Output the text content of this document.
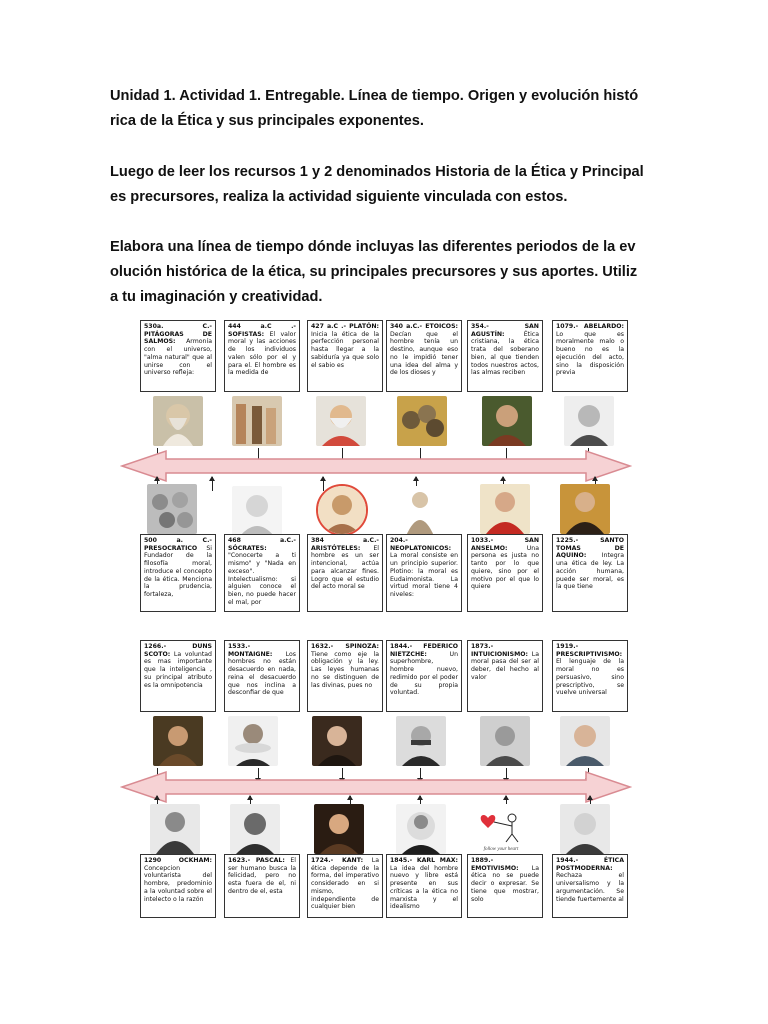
Unidad 1. Actividad 1. Entregable. Línea de tiempo. Origen y evolución histó
rica de la Ética y sus principales exponentes.
Luego de leer los recursos 1 y 2 denominados Historia de la Ética y Principal
es precursores, realiza la actividad siguiente vinculada con estos.
Elabora una línea de tiempo dónde incluyas las diferentes periodos de la ev
olución histórica de la ética, su principales precursores y sus aportes. Utiliz
a tu imaginación y creatividad.
530a. C.- PITÁGORAS DE SALMOS: Armonía con el universo, "alma natural" que al unirse con el universo refleja:
444 a.C .- SOFISTAS: El valor moral y las acciones de los individuos valen sólo por el y para el. El hombre es la medida de
427 a.C .- PLATÓN: Inicia la ética de la perfección personal hasta llegar a la sabiduría ya que solo el sabio es
340 a.C.- ETOICOS: Decían que el hombre tenía un destino, aunque eso no le impidió tener una idea del alma y de los dioses y
354.- SAN AGUSTÍN:	Ética cristiana, la ética trata del soberano bien, al que tienden todos nuestros actos, las almas reciben
1079.- ABELARDO: Lo que es moralmente malo o bueno no es la ejecución del acto, sino la disposición previa
500 a. C.- PRESOCRATICO Si Fundador de la filosofía moral, introduce el concepto de la ética. Menciona la prudencia, fortaleza,
468 a.C.- SÓCRATES: "Conocerte a ti mismo" y "Nada en exceso". Intelectualismo: si alguien conoce el bien, no puede hacer el mal, por
384 a.C.- ARISTÓTELES: El hombre es un ser intencional, actúa para alcanzar fines. Logro que el estudio del acto moral se
204.- NEOPLATONICOS: La moral consiste en un principio superior. Plotino: la moral es Eudaimonista. La virtud moral tiene 4 niveles:
1033.- SAN ANSELMO:	Una persona es justa no tanto por lo que quiere, sino por el motivo por el que lo quiere
1225.- SANTO TOMAS DE AQUINO: Integra una ética de ley. La acción humana, puede ser moral, es la que tiene
1266.- DUNS SCOTO: La voluntad es mas importante que la inteligencia , su principal atributo es la omnipotencia
1533.- MONTAIGNE: Los hombres no están desacuerdo en nada, reina el desacuerdo que nos inclina a desconfiar de que
1632.- SPINOZA: Tiene como eje la obligación y la ley. Las leyes humanas no se distinguen de las divinas, pues no
1844.- FEDERICO NIETZCHE:	Un superhombre, hombre nuevo, redimido por el poder de su propia voluntad.
1873.- INTUICIONISMO: La moral pasa del ser al deber, del hecho al valor
1919.- PRESCRIPTIVISMO: El lenguaje de la moral no es persuasivo, sino prescriptivo, se vuelve universal
follow your heart
1290 OCKHAM: Concepcion voluntarista del hombre, predominio a la voluntad sobre el intelecto o la razón
1623.- PASCAL: El ser humano busca la felicidad, pero no esta fuera de el, ni dentro de el, esta
1724.- KANT: La ética depende de la forma, del imperativo considerado en si mismo, independiente de cualquier bien
1845.- KARL MAX: La idea del hombre nuevo y libre está presente en sus críticas a la ética no marxista y el idealismo
1889.- EMOTIVISMO: La ética no se puede decir o expresar. Se tiene que mostrar, solo
1944.- ÉTICA POSTMODERNA: Rechaza el universalismo y la argumentación. Se tiende fuertemente al
